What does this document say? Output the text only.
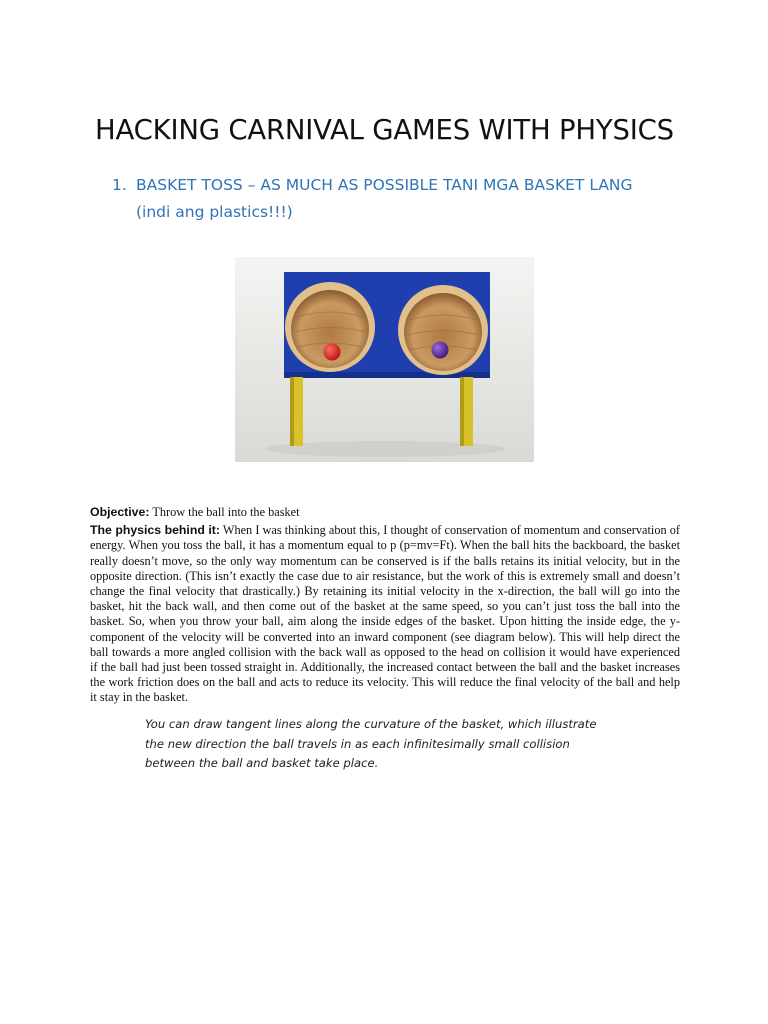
HACKING CARNIVAL GAMES WITH PHYSICS
1. BASKET TOSS – AS MUCH AS POSSIBLE TANI MGA BASKET LANG
(indi ang plastics!!!)
Objective: Throw the ball into the basket
The physics behind it: When I was thinking about this, I thought of conservation of momentum and conservation of energy. When you toss the ball, it has a momentum equal to p (p=mv=Ft). When the ball hits the backboard, the basket really doesn’t move, so the only way momentum can be conserved is if the balls retains its initial velocity, but in the opposite direction. (This isn’t exactly the case due to air resistance, but the work of this is extremely small and doesn’t change the final velocity that drastically.) By retaining its initial velocity in the x-direction, the ball will go into the basket, hit the back wall, and then come out of the basket at the same speed, so you can’t just toss the ball into the basket. So, when you throw your ball, aim along the inside edges of the basket. Upon hitting the inside edge, the y-component of the velocity will be converted into an inward component (see diagram below). This will help direct the ball towards a more angled collision with the back wall as opposed to the head on collision it would have experienced if the ball had just been tossed straight in. Additionally, the increased contact between the ball and the basket increases the work friction does on the ball and acts to reduce its velocity. This will reduce the final velocity of the ball and help it stay in the basket.
You can draw tangent lines along the curvature of the basket, which illustrate the new direction the ball travels in as each infinitesimally small collision between the ball and basket take place.
